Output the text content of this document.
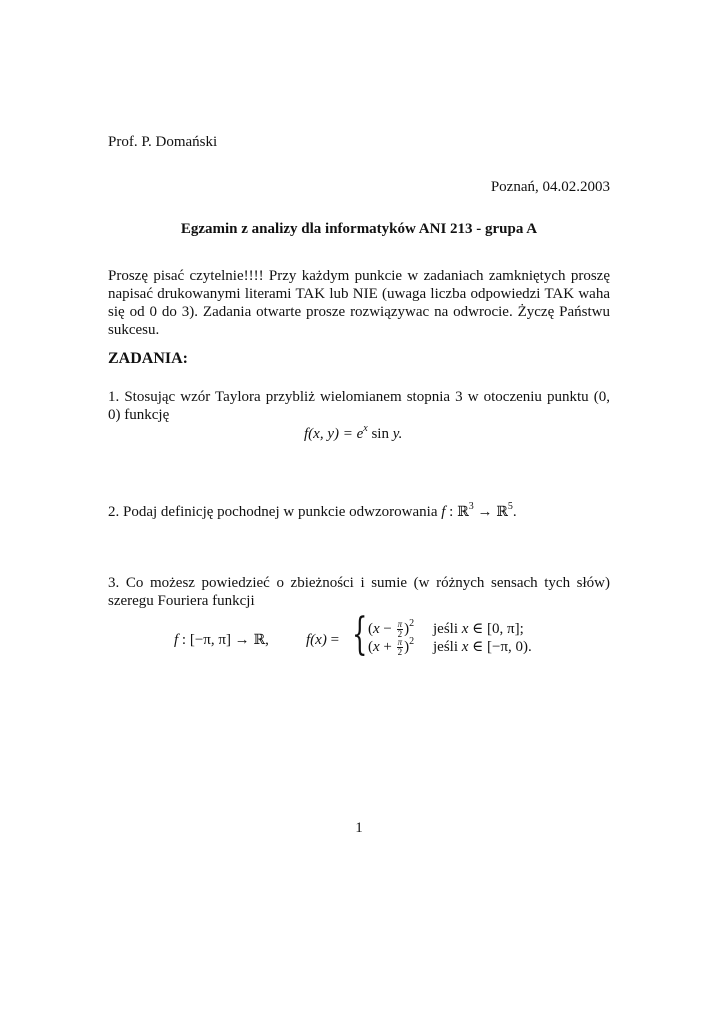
Prof. P. Domański
Poznań, 04.02.2003
Egzamin z analizy dla informatyków ANI 213 - grupa A
Proszę pisać czytelnie!!!! Przy każdym punkcie w zadaniach zamkniętych proszę napisać drukowanymi literami TAK lub NIE (uwaga liczba odpowiedzi TAK waha się od 0 do 3). Zadania otwarte prosze rozwiązywac na odwrocie. Życzę Państwu sukcesu.
ZADANIA:
1. Stosując wzór Taylora przybliż wielomianem stopnia 3 w otoczeniu punktu (0, 0) funkcję
f(x, $y) = e^x$ sin y.
2. Podaj definicję pochodnej w punkcie odwzorowania f : ℝ$^3$ → ℝ$^5$.
3. Co możesz powiedzieć o zbieżności i sumie (w różnych sensach tych słów) szeregu Fouriera funkcji
f : [−π, π] → ℝ, f(x) = { $(x - \frac{\pi}{2} )^2$ jeśli x ∈ [0, π];
$(x + \frac{\pi}{2} )^2$ jeśli x ∈ [−π, 0).
1
